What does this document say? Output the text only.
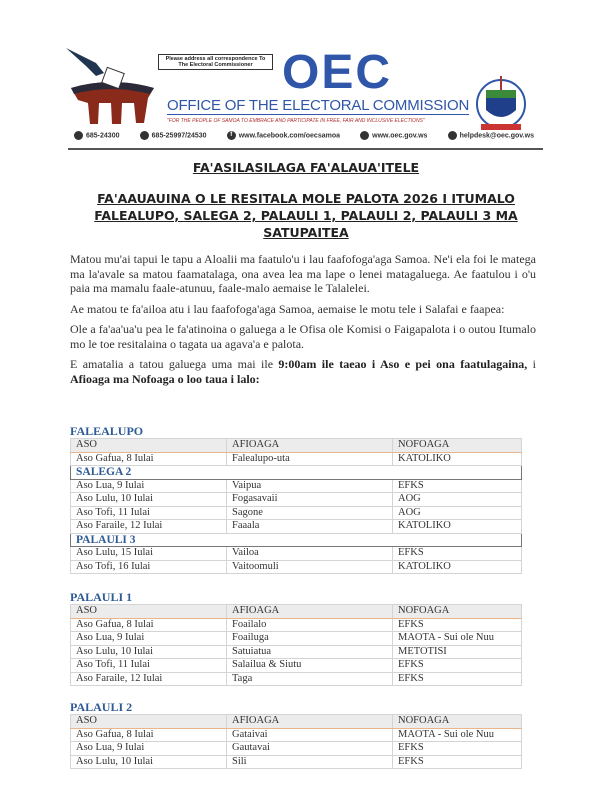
Please address all correspondence To The Electoral Commissioner OEC
OFFICE OF THE ELECTORAL COMMISSION
"FOR THE PEOPLE OF SAMOA TO EMBRACE AND PARTICIPATE IN FREE, FAIR AND INCLUSIVE ELECTIONS"
685-24300	685-25997/24530	f www.facebook.com/oecsamoa	www.oec.gov.ws	helpdesk@oec.gov.ws
FA'ASILASILAGA FA'ALAUA'ITELE
FA'AAUAUINA O LE RESITALA MOLE PALOTA 2026 I ITUMALO FALEALUPO, SALEGA 2, PALAULI 1, PALAULI 2, PALAULI 3 MA SATUPAITEA

Matou mu'ai tapui le tapu a Aloalii ma faatulo'u i lau faafofoga'aga Samoa. Ne'i ela foi le matega ma la'avale sa matou faamatalaga, ona avea lea ma lape o lenei matagaluega. Ae faatulou i o'u paia ma mamalu faale-atunuu, faale-malo aemaise le Talalelei.

Ae matou te fa'ailoa atu i lau faafofoga'aga Samoa, aemaise le motu tele i Salafai e faapea:

Ole a fa'aa'ua'u pea le fa'atinoina o galuega a le Ofisa ole Komisi o Faigapalota i o outou Itumalo mo le toe resitalaina o tagata ua agava'a e palota.

E amatalia a tatou galuega uma mai ile 9:00am ile taeao i Aso e pei ona faatulagaina, i Afioaga ma Nofoaga o loo taua i lalo:

FALEALUPO
ASO	AFIOAGA	NOFOAGA
Aso Gafua, 8 Iulai	Falealupo-uta	KATOLIKO
SALEGA 2		
Aso Lua, 9 Iulai	Vaipua	EFKS
Aso Lulu, 10 Iulai	Fogasavaii	AOG
Aso Tofi, 11 Iulai	Sagone	AOG
Aso Faraile, 12 Iulai	Faaala	KATOLIKO
PALAULI 3		
Aso Lulu, 15 Iulai	Vailoa	EFKS
Aso Tofi, 16 Iulai	Vaitoomuli	KATOLIKO
PALAULI 1
ASO	AFIOAGA	NOFOAGA
Aso Gafua, 8 Iulai	Foailalo	EFKS
Aso Lua, 9 Iulai	Foailuga	MAOTA - Sui ole Nuu
Aso Lulu, 10 Iulai	Satuiatua	METOTISI
Aso Tofi, 11 Iulai	Salailua & Siutu	EFKS
Aso Faraile, 12 Iulai	Taga	EFKS
PALAULI 2
ASO	AFIOAGA	NOFOAGA
Aso Gafua, 8 Iulai	Gataivai	MAOTA - Sui ole Nuu
Aso Lua, 9 Iulai	Gautavai	EFKS
Aso Lulu, 10 Iulai	Sili	EFKS
